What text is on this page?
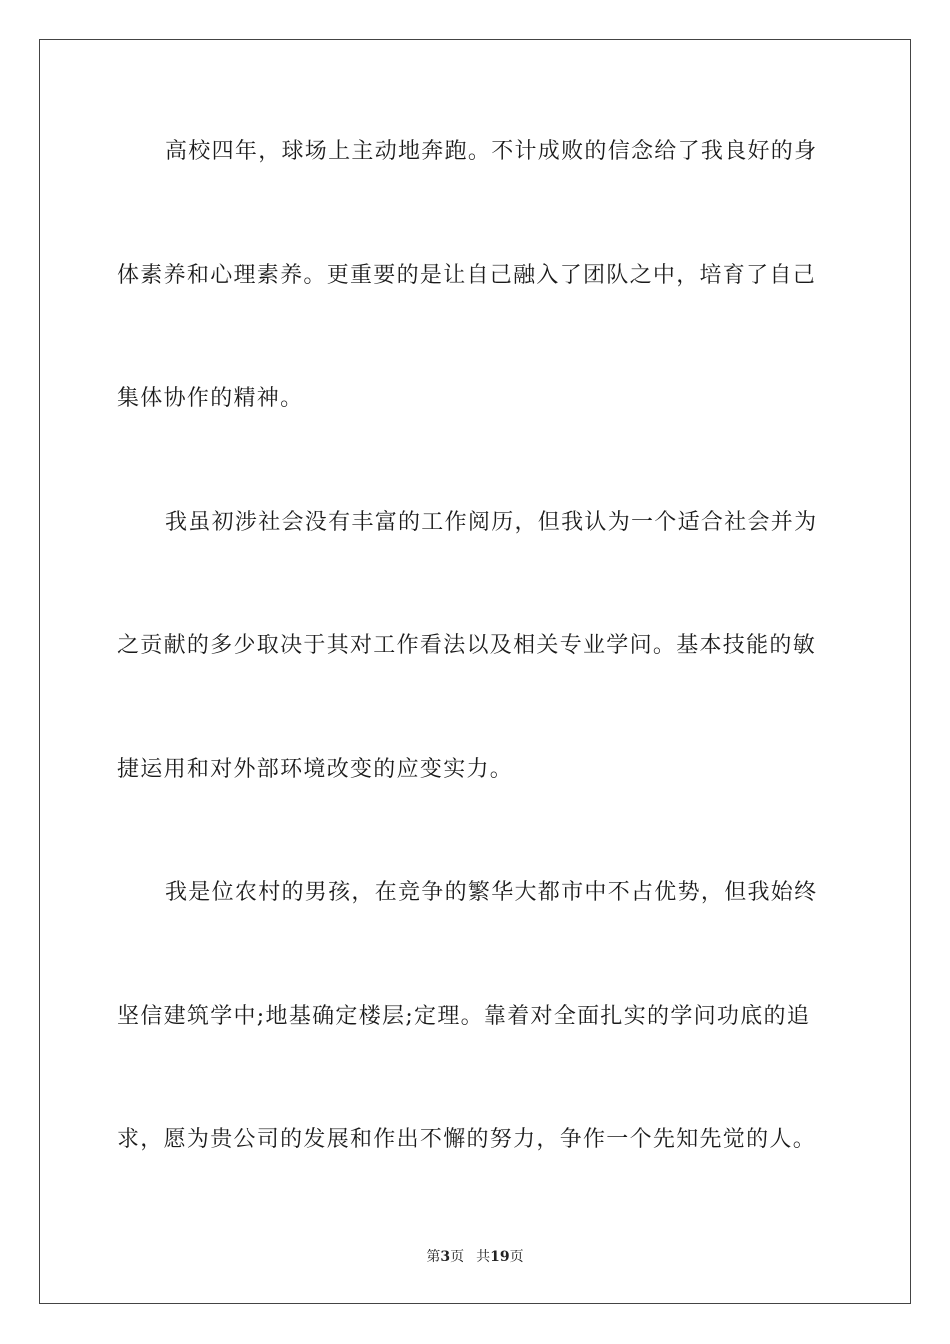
高校四年，球场上主动地奔跑。不计成败的信念给了我良好的身
体素养和心理素养。更重要的是让自己融入了团队之中，培育了自己
集体协作的精神。
我虽初涉社会没有丰富的工作阅历，但我认为一个适合社会并为
之贡献的多少取决于其对工作看法以及相关专业学问。基本技能的敏
捷运用和对外部环境改变的应变实力。
我是位农村的男孩，在竞争的繁华大都市中不占优势，但我始终
坚信建筑学中;地基确定楼层;定理。靠着对全面扎实的学问功底的追
求，愿为贵公司的发展和作出不懈的努力，争作一个先知先觉的人。
第3页 共19页
